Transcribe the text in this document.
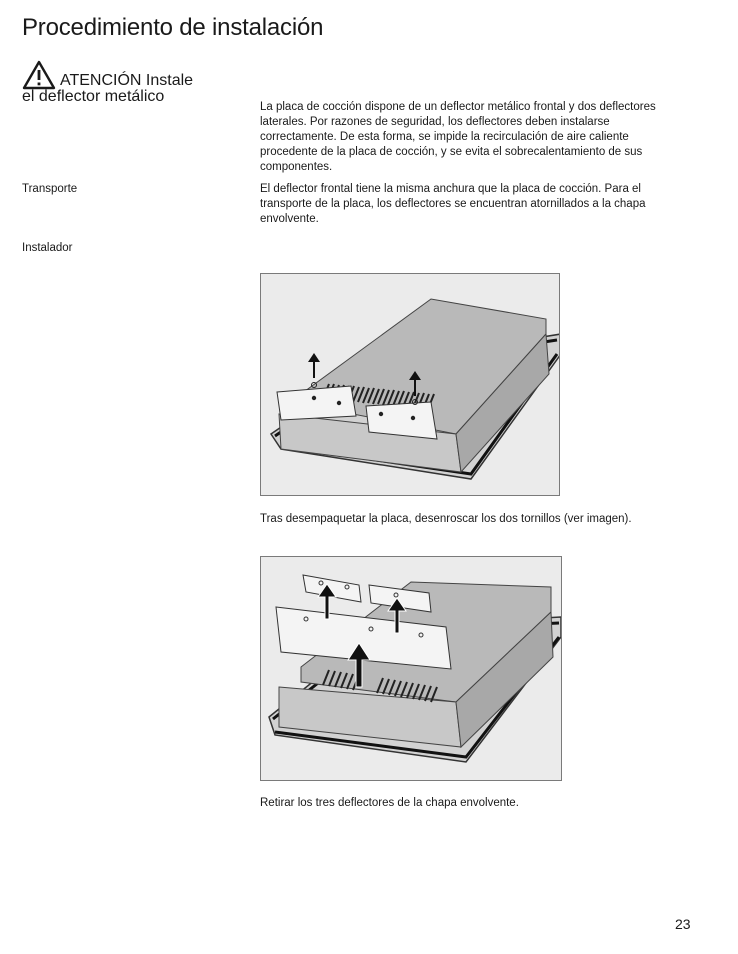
Procedimiento de instalación
ATENCIÓN Instale
el deflector metálico
La placa de cocción dispone de un deflector metálico frontal y dos deflectores laterales. Por razones de seguridad, los deflectores deben instalarse correctamente. De esta forma, se impide la recirculación de aire caliente procedente de la placa de cocción, y se evita el sobrecalentamiento de sus componentes.
Transporte	El deflector frontal tiene la misma anchura que la placa de cocción. Para el transporte de la placa, los deflectores se encuentran atornillados a la chapa envolvente.
Instalador
Tras desempaquetar la placa, desenroscar los dos tornillos (ver imagen).
Retirar los tres deflectores de la chapa envolvente.
23
